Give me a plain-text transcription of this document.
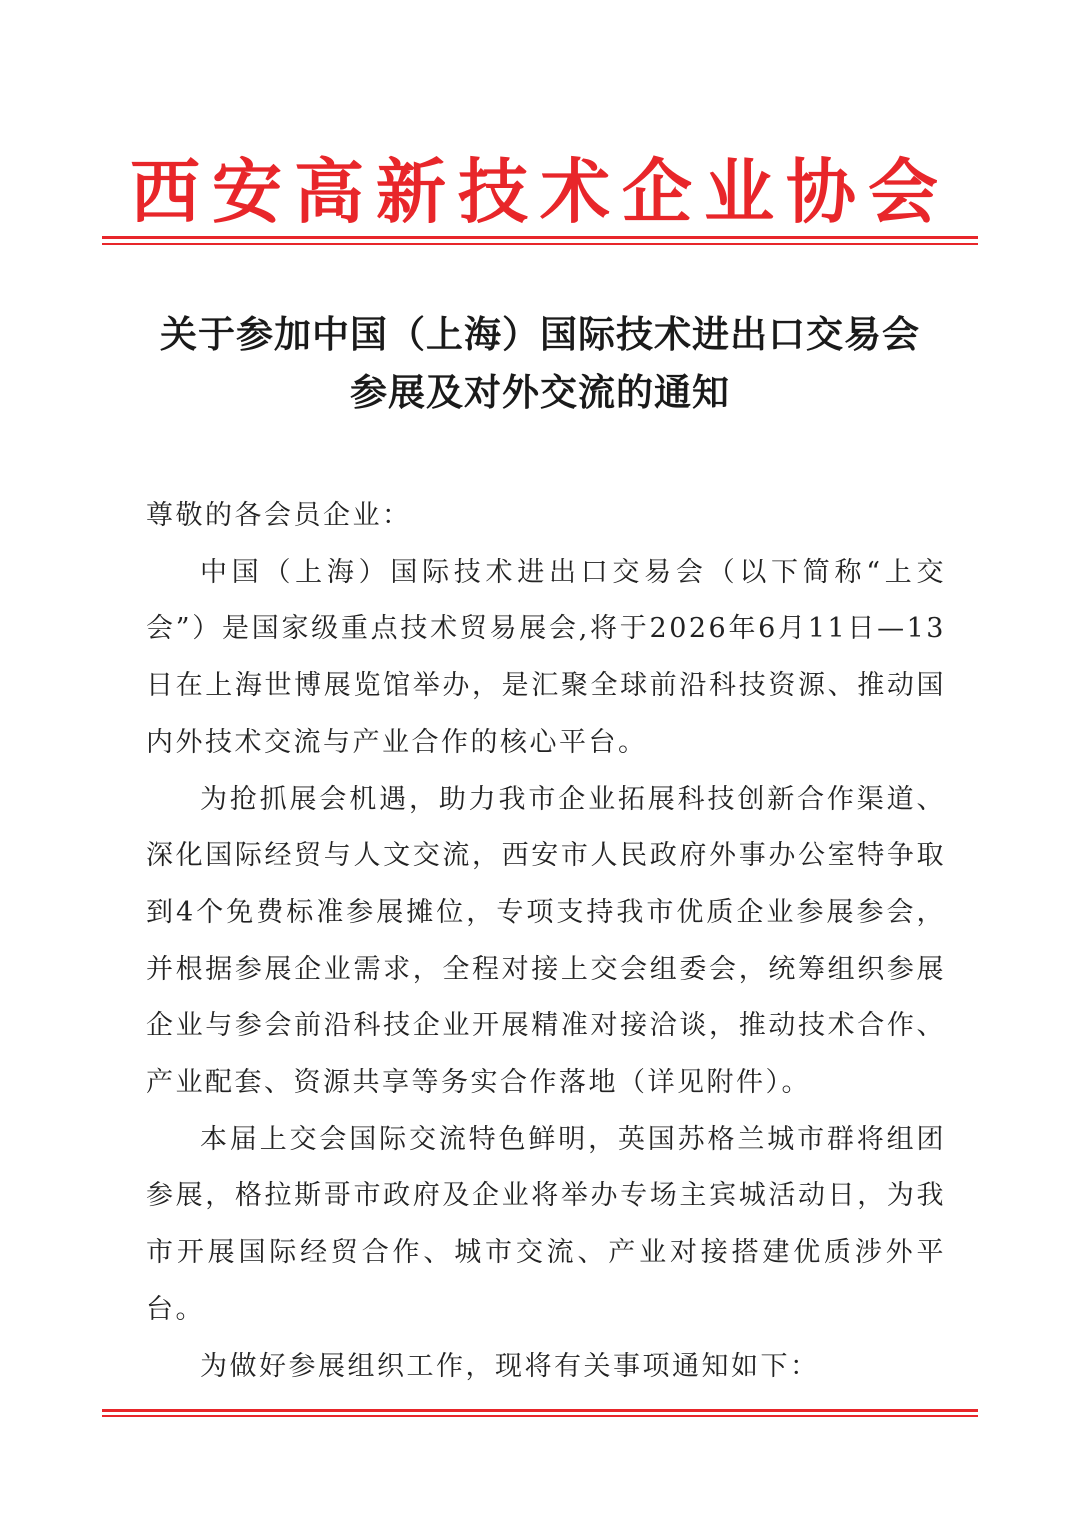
西安高新技术企业协会
关于参加中国（上海）国际技术进出口交易会
参展及对外交流的通知

尊敬的各会员企业：

中国（上海）国际技术进出口交易会（以下简称“上交会”）是国家级重点技术贸易展会,将于2026年6月11日—13日在上海世博展览馆举办，是汇聚全球前沿科技资源、推动国内外技术交流与产业合作的核心平台。

为抢抓展会机遇，助力我市企业拓展科技创新合作渠道、深化国际经贸与人文交流，西安市人民政府外事办公室特争取到4个免费标准参展摊位，专项支持我市优质企业参展参会，并根据参展企业需求，全程对接上交会组委会，统筹组织参展企业与参会前沿科技企业开展精准对接洽谈，推动技术合作、产业配套、资源共享等务实合作落地（详见附件）。

本届上交会国际交流特色鲜明，英国苏格兰城市群将组团参展，格拉斯哥市政府及企业将举办专场主宾城活动日，为我市开展国际经贸合作、城市交流、产业对接搭建优质涉外平台。

为做好参展组织工作，现将有关事项通知如下：
